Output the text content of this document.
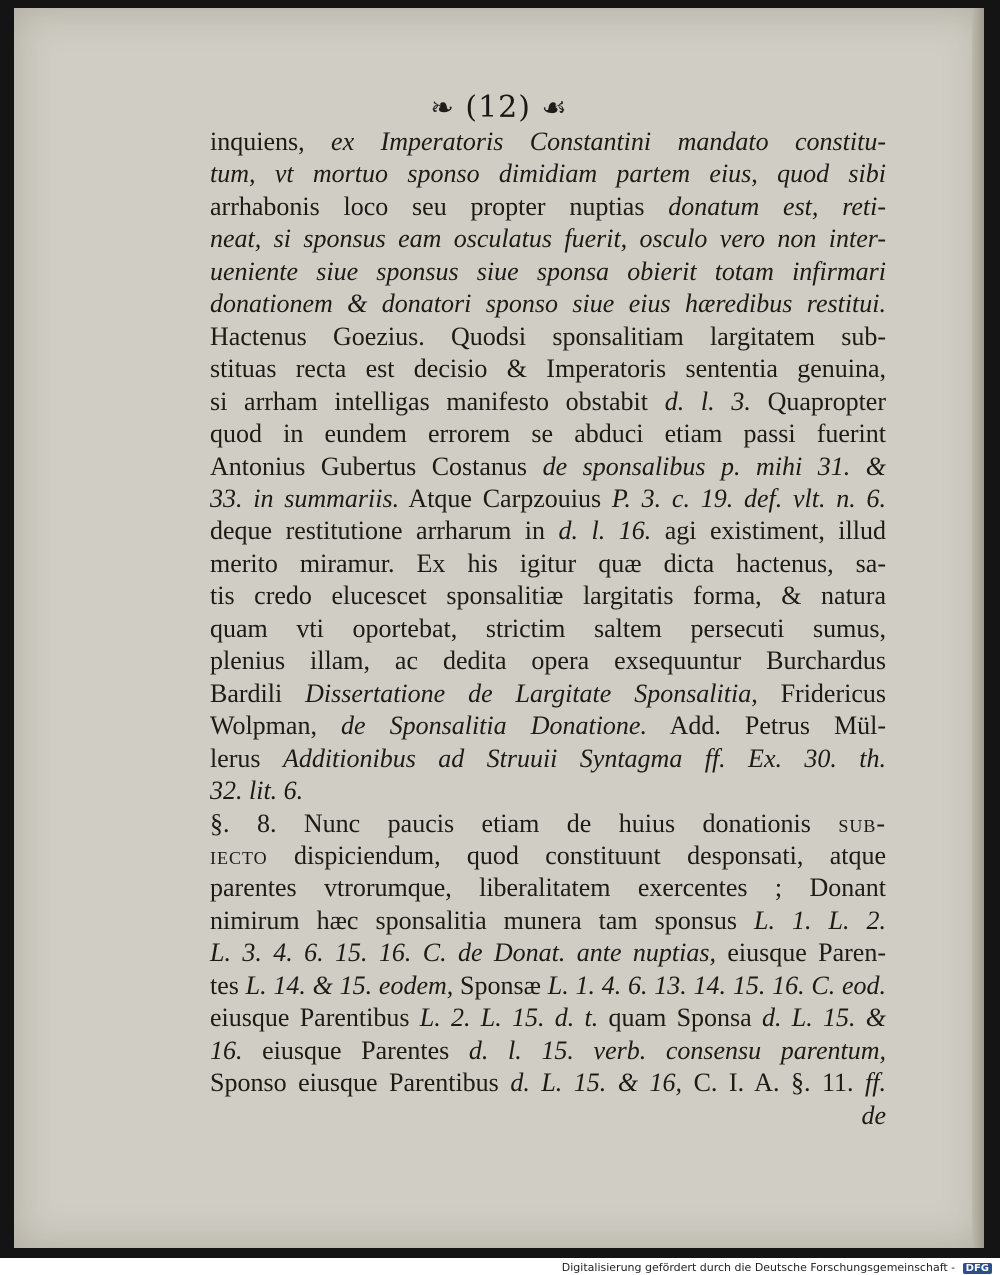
❧ (12) ☙
inquiens, ex Imperatoris Constantini mandato constitu-
tum, vt mortuo sponso dimidiam partem eius, quod sibi
arrhabonis loco seu propter nuptias donatum est, reti-
neat, si sponsus eam osculatus fuerit, osculo vero non inter-
ueniente siue sponsus siue sponsa obierit totam infirmari
donationem & donatori sponso siue eius hæredibus restitui.
Hactenus Goezius. Quodsi sponsalitiam largitatem sub-
stituas recta est decisio & Imperatoris sententia genuina,
si arrham intelligas manifesto obstabit d. l. 3. Quapropter
quod in eundem errorem se abduci etiam passi fuerint
Antonius Gubertus Costanus de sponsalibus p. mihi 31. &
33. in summariis. Atque Carpzouius P. 3. c. 19. def. vlt. n. 6.
deque restitutione arrharum in d. l. 16. agi existiment, illud
merito miramur. Ex his igitur quæ dicta hactenus, sa-
tis credo elucescet sponsalitiæ largitatis forma, & natura
quam vti oportebat, strictim saltem persecuti sumus,
plenius illam, ac dedita opera exsequuntur Burchardus
Bardili Dissertatione de Largitate Sponsalitia, Fridericus
Wolpman, de Sponsalitia Donatione. Add. Petrus Mül-
lerus Additionibus ad Struuii Syntagma ff. Ex. 30. th.
32. lit. 6.
§. 8. Nunc paucis etiam de huius donationis sub-
iecto dispiciendum, quod constituunt desponsati, atque
parentes vtrorumque, liberalitatem exercentes ; Donant
nimirum hæc sponsalitia munera tam sponsus L. 1. L. 2.
L. 3. 4. 6. 15. 16. C. de Donat. ante nuptias, eiusque Paren-
tes L. 14. & 15. eodem, Sponsæ L. 1. 4. 6. 13. 14. 15. 16. C. eod.
eiusque Parentibus L. 2. L. 15. d. t. quam Sponsa d. L. 15. &
16. eiusque Parentes d. l. 15. verb. consensu parentum,
Sponso eiusque Parentibus d. L. 15. & 16, C. I. A. §. 11. ff.
de
Digitalisierung gefördert durch die Deutsche Forschungsgemeinschaft - DFG
